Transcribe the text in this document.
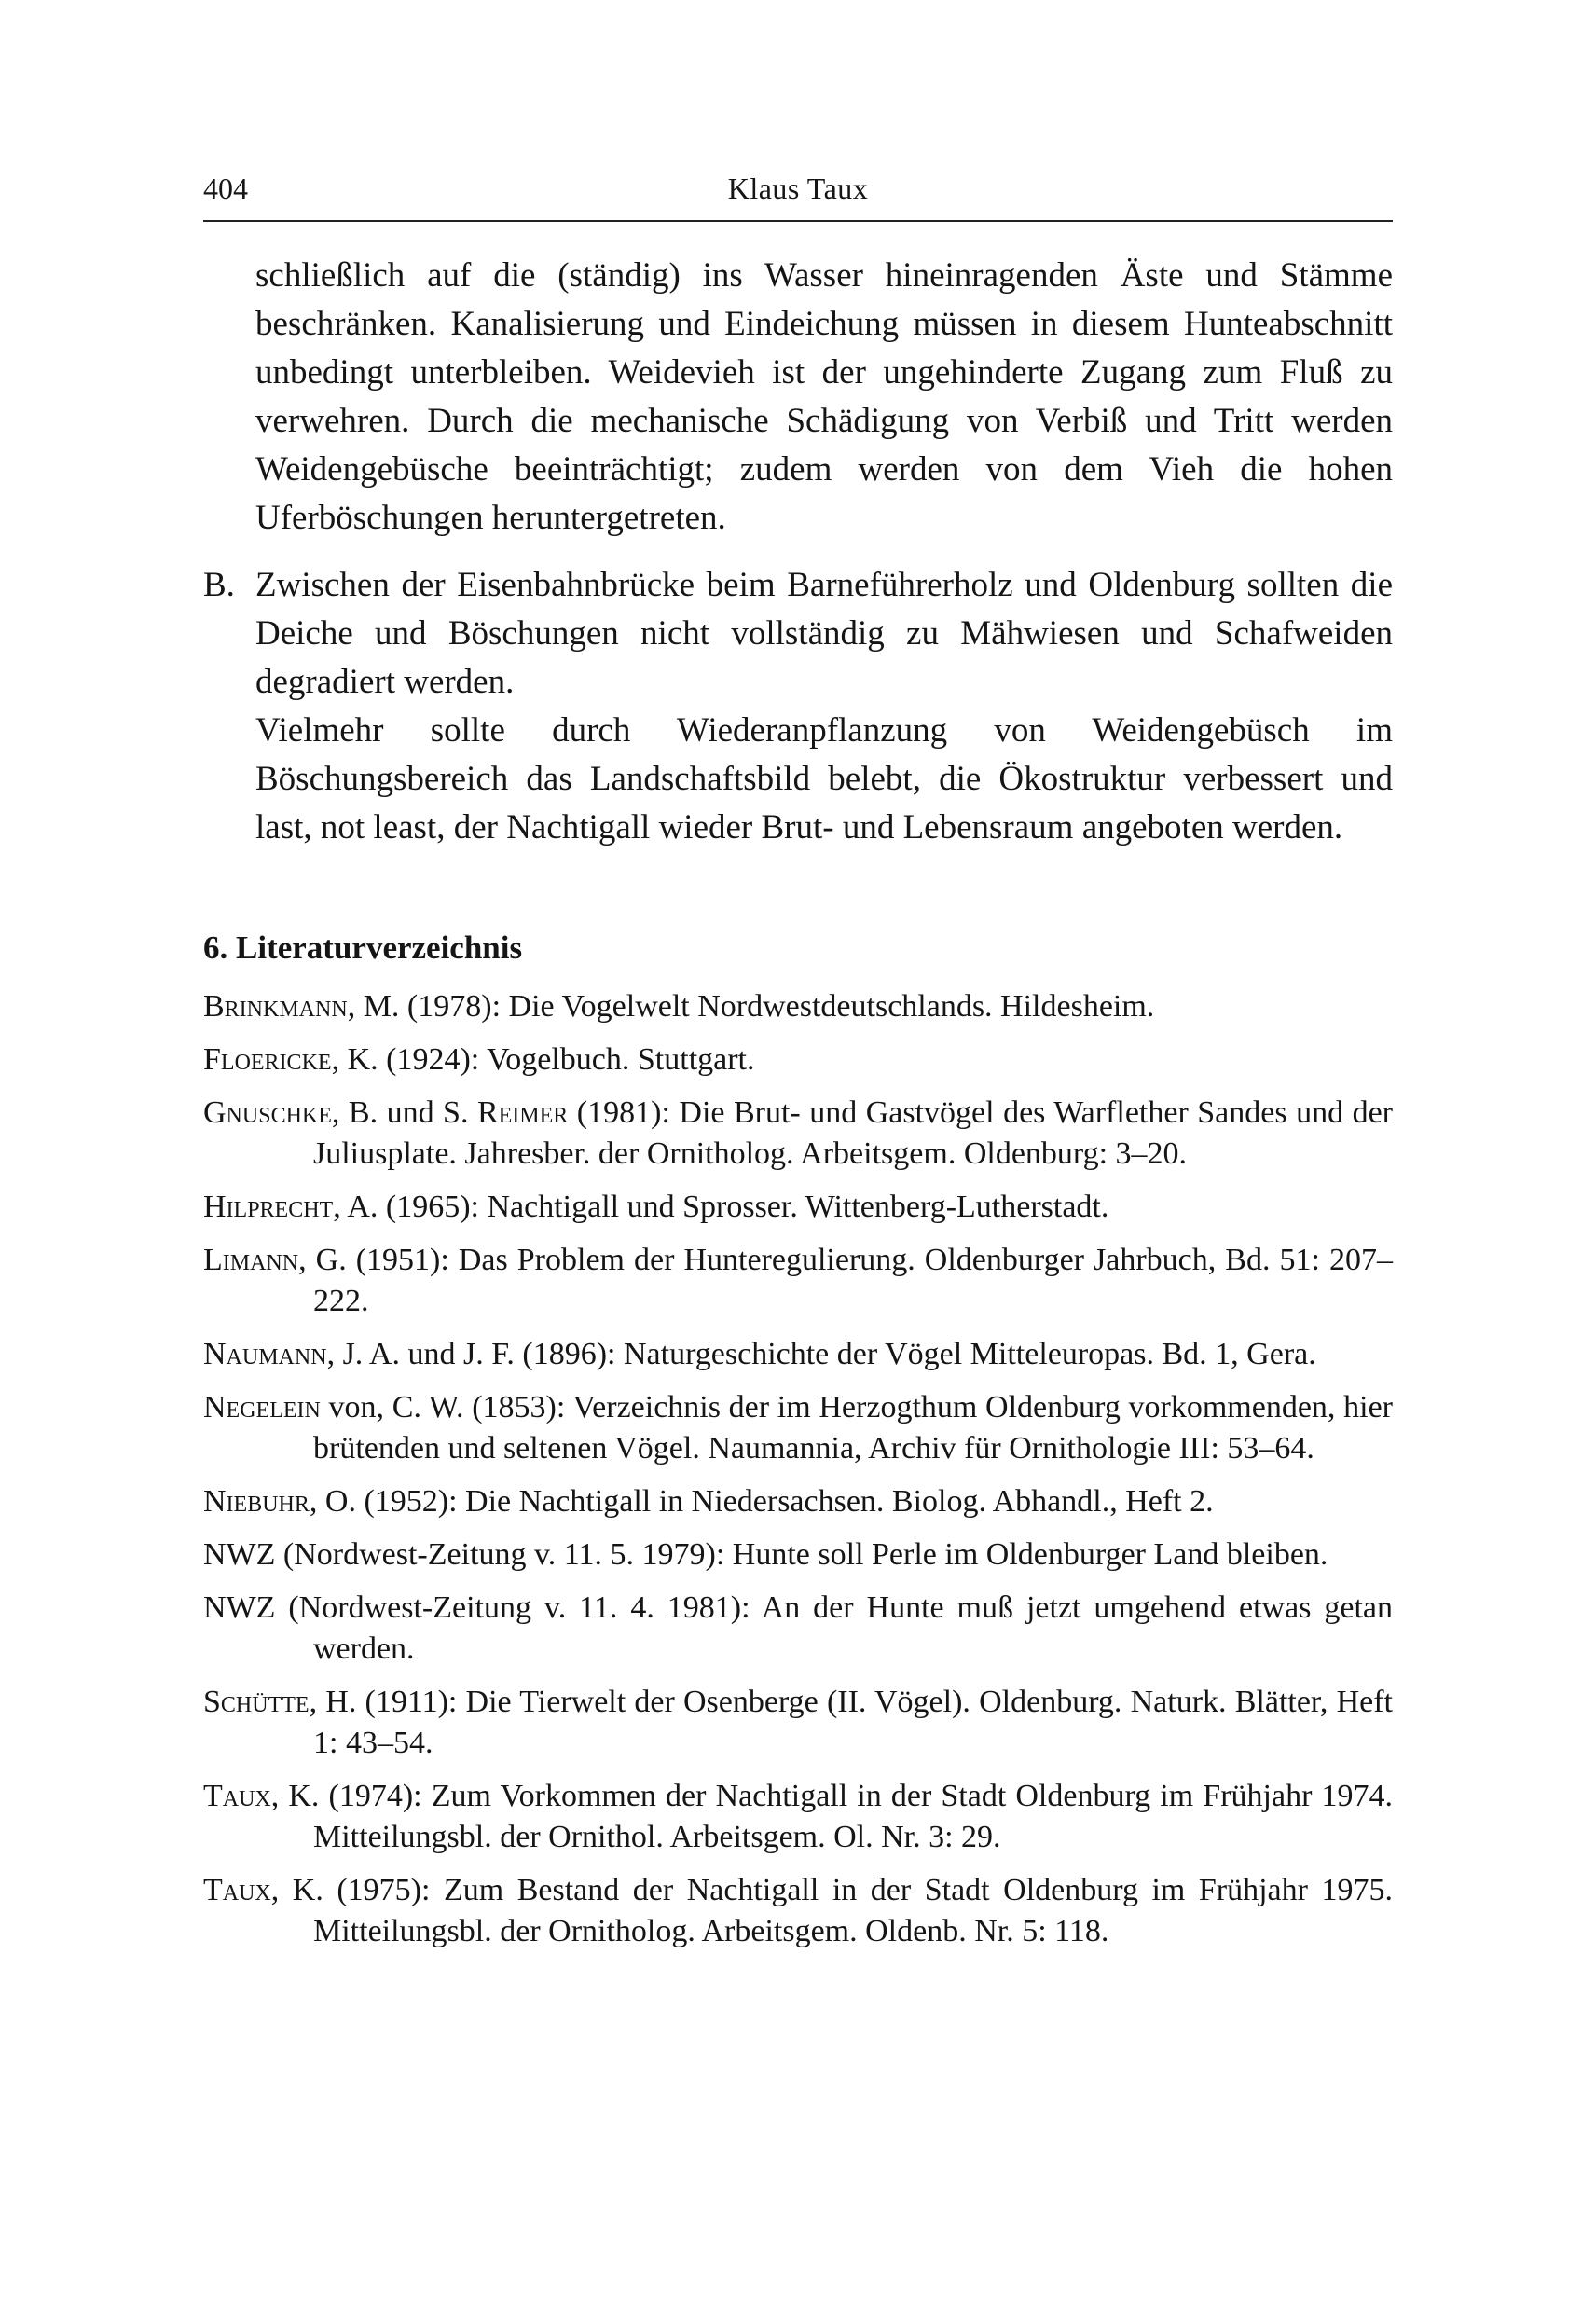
404	Klaus Taux

schließlich auf die (ständig) ins Wasser hineinragenden Äste und Stämme beschränken. Kanalisierung und Eindeichung müssen in diesem Hunteabschnitt unbedingt unterbleiben. Weidevieh ist der ungehinderte Zugang zum Fluß zu verwehren. Durch die mechanische Schädigung von Verbiß und Tritt werden Weidengebüsche beeinträchtigt; zudem werden von dem Vieh die hohen Uferböschungen heruntergetreten.

B. Zwischen der Eisenbahnbrücke beim Barneführerholz und Oldenburg sollten die Deiche und Böschungen nicht vollständig zu Mähwiesen und Schafweiden degradiert werden.

Vielmehr sollte durch Wiederanpflanzung von Weidengebüsch im Böschungsbereich das Landschaftsbild belebt, die Ökostruktur verbessert und last, not least, der Nachtigall wieder Brut- und Lebensraum angeboten werden.

6. Literaturverzeichnis
Brinkmann, M. (1978): Die Vogelwelt Nordwestdeutschlands. Hildesheim.
Floericke, K. (1924): Vogelbuch. Stuttgart.
Gnuschke, B. und S. Reimer (1981): Die Brut- und Gastvögel des Warflether Sandes und der Juliusplate. Jahresber. der Ornitholog. Arbeitsgem. Oldenburg: 3–20.
Hilprecht, A. (1965): Nachtigall und Sprosser. Wittenberg-Lutherstadt.
Limann, G. (1951): Das Problem der Hunteregulierung. Oldenburger Jahrbuch, Bd. 51: 207–222.
Naumann, J. A. und J. F. (1896): Naturgeschichte der Vögel Mitteleuropas. Bd. 1, Gera.
Negelein von, C. W. (1853): Verzeichnis der im Herzogthum Oldenburg vorkommenden, hier brütenden und seltenen Vögel. Naumannia, Archiv für Ornithologie III: 53–64.
Niebuhr, O. (1952): Die Nachtigall in Niedersachsen. Biolog. Abhandl., Heft 2.
NWZ (Nordwest-Zeitung v. 11. 5. 1979): Hunte soll Perle im Oldenburger Land bleiben.
NWZ (Nordwest-Zeitung v. 11. 4. 1981): An der Hunte muß jetzt umgehend etwas getan werden.
Schütte, H. (1911): Die Tierwelt der Osenberge (II. Vögel). Oldenburg. Naturk. Blätter, Heft 1: 43–54.
Taux, K. (1974): Zum Vorkommen der Nachtigall in der Stadt Oldenburg im Frühjahr 1974. Mitteilungsbl. der Ornithol. Arbeitsgem. Ol. Nr. 3: 29.
Taux, K. (1975): Zum Bestand der Nachtigall in der Stadt Oldenburg im Frühjahr 1975. Mitteilungsbl. der Ornitholog. Arbeitsgem. Oldenb. Nr. 5: 118.
